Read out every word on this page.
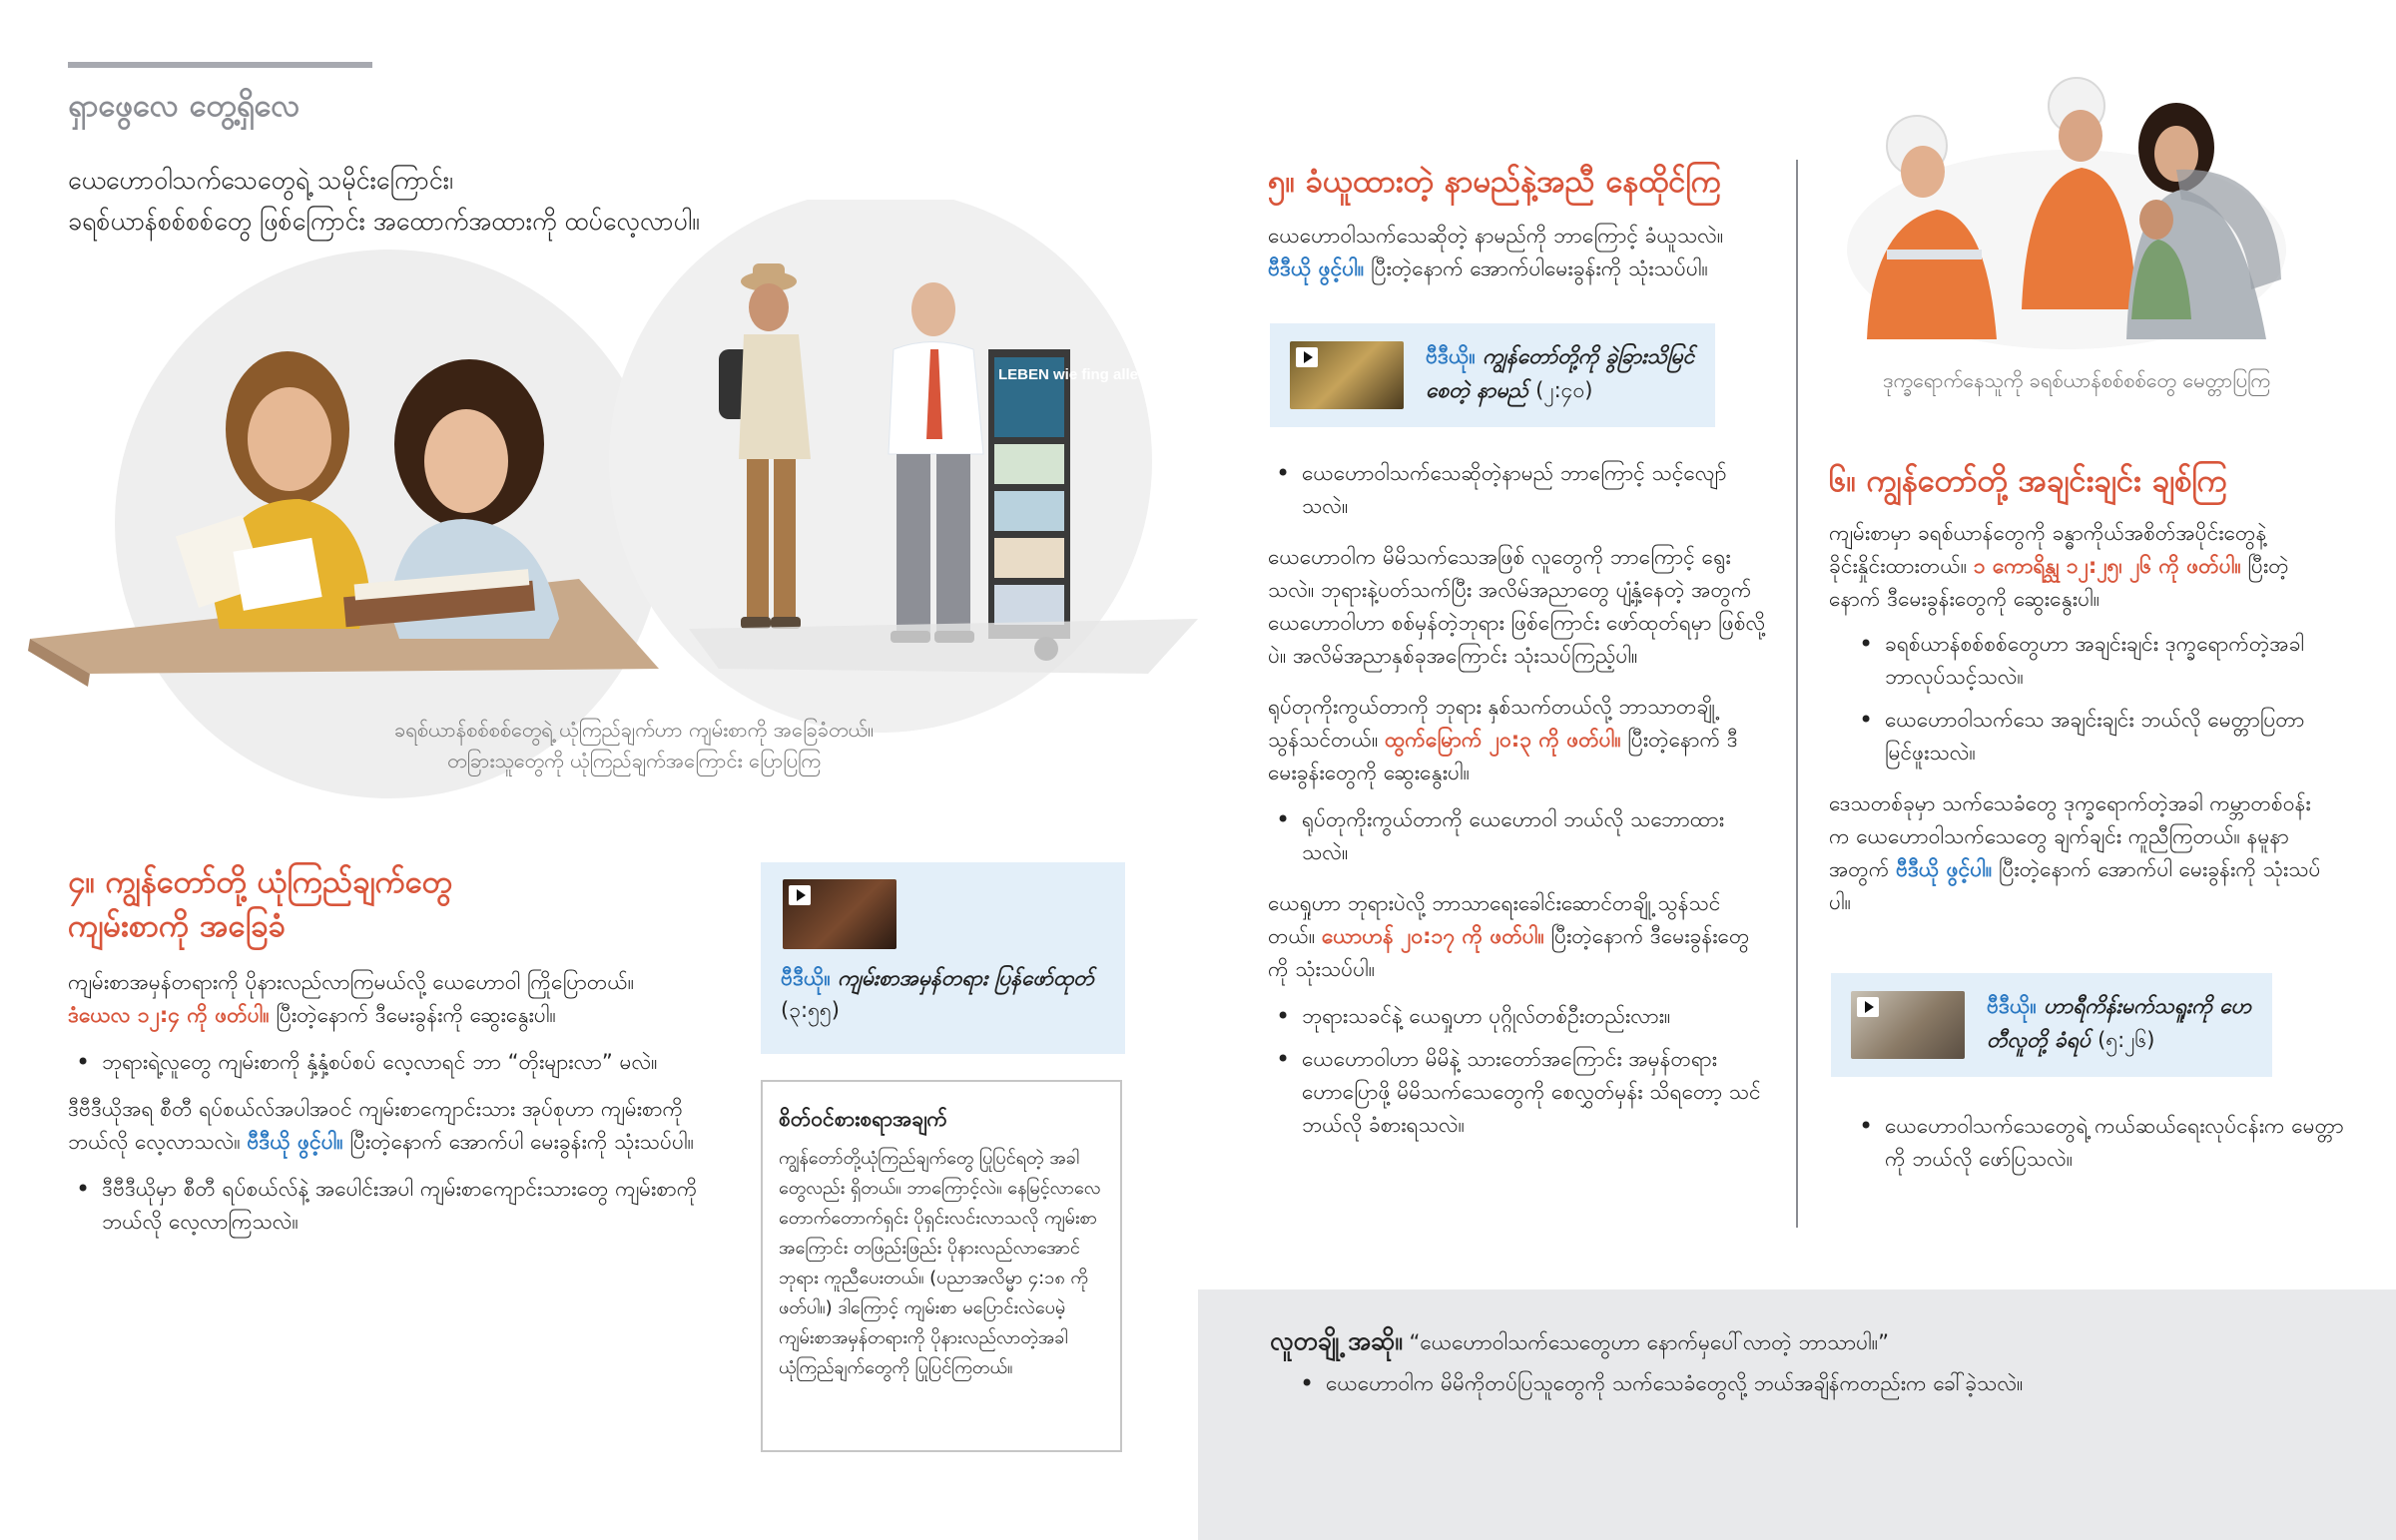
ရှာဖွေလေ တွေ့ရှိလေ
ယေဟောဝါသက်သေတွေရဲ့ သမိုင်းကြောင်း၊
ခရစ်ယာန်စစ်စစ်တွေ ဖြစ်ကြောင်း အထောက်အထားကို ထပ်လေ့လာပါ။
LEBEN wie fing alles an?
ခရစ်ယာန်စစ်စစ်တွေရဲ့ ယုံကြည်ချက်ဟာ ကျမ်းစာကို အခြေခံတယ်။
တခြားသူတွေကို ယုံကြည်ချက်အကြောင်း ပြောပြကြ
၄။ ကျွန်တော်တို့ ယုံကြည်ချက်တွေ
ကျမ်းစာကို အခြေခံ
ကျမ်းစာအမှန်တရားကို ပိုနားလည်လာကြမယ်လို့ ယေဟောဝါ ကြိုပြောတယ်။
ဒံယေလ ၁၂:၄ ကို ဖတ်ပါ။ ပြီးတဲ့နောက် ဒီမေးခွန်းကို ဆွေးနွေးပါ။
• ဘုရားရဲ့လူတွေ ကျမ်းစာကို နှံ့နှံ့စပ်စပ် လေ့လာရင် ဘာ “တိုးများလာ” မလဲ။
ဒီဗီဒီယိုအရ စီတီ ရပ်စယ်လ်အပါအဝင် ကျမ်းစာကျောင်းသား အုပ်စုဟာ ကျမ်းစာကို ဘယ်လို လေ့လာသလဲ။ ဗီဒီယို ဖွင့်ပါ။ ပြီးတဲ့နောက် အောက်ပါ မေးခွန်းကို သုံးသပ်ပါ။
• ဒီဗီဒီယိုမှာ စီတီ ရပ်စယ်လ်နဲ့ အပေါင်းအပါ ကျမ်းစာကျောင်းသားတွေ ကျမ်းစာကို ဘယ်လို လေ့လာကြသလဲ။
ဗီဒီယို။ ကျမ်းစာအမှန်တရား ပြန်ဖော်ထုတ် (၃:၅၅)
စိတ်ဝင်စားစရာအချက်
ကျွန်တော်တို့ယုံကြည်ချက်တွေ ပြုပြင်ရတဲ့ အခါတွေလည်း ရှိတယ်။ ဘာကြောင့်လဲ။ နေမြင့်လာလေ တောက်တောက်ရှင်း ပိုရှင်းလင်းလာသလို ကျမ်းစာအကြောင်း တဖြည်းဖြည်း ပိုနားလည်လာအောင် ဘုရား ကူညီပေးတယ်။ (ပညာအလိမ္မာ ၄:၁၈ ကို ဖတ်ပါ။) ဒါကြောင့် ကျမ်းစာ မပြောင်းလဲပေမဲ့ ကျမ်းစာအမှန်တရားကို ပိုနားလည်လာတဲ့အခါ ယုံကြည်ချက်တွေကို ပြုပြင်ကြတယ်။
၅။ ခံယူထားတဲ့ နာမည်နဲ့အညီ နေထိုင်ကြ
ယေဟောဝါသက်သေဆိုတဲ့ နာမည်ကို ဘာကြောင့် ခံယူသလဲ။
ဗီဒီယို ဖွင့်ပါ။ ပြီးတဲ့နောက် အောက်ပါမေးခွန်းကို သုံးသပ်ပါ။
ဗီဒီယို။ ကျွန်တော်တို့ကို ခွဲခြားသိမြင်စေတဲ့ နာမည် (၂:၄၀)
• ယေဟောဝါသက်သေဆိုတဲ့နာမည် ဘာကြောင့် သင့်လျော်သလဲ။
ယေဟောဝါက မိမိသက်သေအဖြစ် လူတွေကို ဘာကြောင့် ရွေးသလဲ။ ဘုရားနဲ့ပတ်သက်ပြီး အလိမ်အညာတွေ ပျံ့နှံ့နေတဲ့ အတွက် ယေဟောဝါဟာ စစ်မှန်တဲ့ဘုရား ဖြစ်ကြောင်း ဖော်ထုတ်ရမှာ ဖြစ်လို့ပဲ။ အလိမ်အညာနှစ်ခုအကြောင်း သုံးသပ်ကြည့်ပါ။
ရုပ်တုကိုးကွယ်တာကို ဘုရား နှစ်သက်တယ်လို့ ဘာသာတချို့ သွန်သင်တယ်။ ထွက်မြောက် ၂၀:၃ ကို ဖတ်ပါ။ ပြီးတဲ့နောက် ဒီမေးခွန်းတွေကို ဆွေးနွေးပါ။
• ရုပ်တုကိုးကွယ်တာကို ယေဟောဝါ ဘယ်လို သဘောထားသလဲ။
ယေရှုဟာ ဘုရားပဲလို့ ဘာသာရေးခေါင်းဆောင်တချို့ သွန်သင်တယ်။ ယောဟန် ၂၀:၁၇ ကို ဖတ်ပါ။ ပြီးတဲ့နောက် ဒီမေးခွန်းတွေကို သုံးသပ်ပါ။
• ဘုရားသခင်နဲ့ ယေရှုဟာ ပုဂ္ဂိုလ်တစ်ဦးတည်းလား။
• ယေဟောဝါဟာ မိမိနဲ့ သားတော်အကြောင်း အမှန်တရား ဟောပြောဖို့ မိမိသက်သေတွေကို စေလွှတ်မှန်း သိရတော့ သင် ဘယ်လို ခံစားရသလဲ။
ဒုက္ခရောက်နေသူကို ခရစ်ယာန်စစ်စစ်တွေ မေတ္တာပြကြ
၆။ ကျွန်တော်တို့ အချင်းချင်း ချစ်ကြ
ကျမ်းစာမှာ ခရစ်ယာန်တွေကို ခန္ဓာကိုယ်အစိတ်အပိုင်းတွေနဲ့ ခိုင်းနှိုင်းထားတယ်။ ၁ ကောရိန္သု ၁၂:၂၅၊ ၂၆ ကို ဖတ်ပါ။ ပြီးတဲ့နောက် ဒီမေးခွန်းတွေကို ဆွေးနွေးပါ။
• ခရစ်ယာန်စစ်စစ်တွေဟာ အချင်းချင်း ဒုက္ခရောက်တဲ့အခါ ဘာလုပ်သင့်သလဲ။
• ယေဟောဝါသက်သေ အချင်းချင်း ဘယ်လို မေတ္တာပြတာ မြင်ဖူးသလဲ။
ဒေသတစ်ခုမှာ သက်သေခံတွေ ဒုက္ခရောက်တဲ့အခါ ကမ္ဘာတစ်ဝန်းက ယေဟောဝါသက်သေတွေ ချက်ချင်း ကူညီကြတယ်။ နမူနာအတွက် ဗီဒီယို ဖွင့်ပါ။ ပြီးတဲ့နောက် အောက်ပါ မေးခွန်းကို သုံးသပ်ပါ။
ဗီဒီယို။ ဟာရီကိန်းမက်သရူးကို ဟေတီလူတို့ ခံရပ် (၅:၂၆)
• ယေဟောဝါသက်သေတွေရဲ့ ကယ်ဆယ်ရေးလုပ်ငန်းက မေတ္တာကို ဘယ်လို ဖော်ပြသလဲ။
လူတချို့ အဆို။ “ယေဟောဝါသက်သေတွေဟာ နောက်မှပေါ်လာတဲ့ ဘာသာပါ။”
• ယေဟောဝါက မိမိကိုတပ်ပြသူတွေကို သက်သေခံတွေလို့ ဘယ်အချိန်ကတည်းက ခေါ်ခဲ့သလဲ။
